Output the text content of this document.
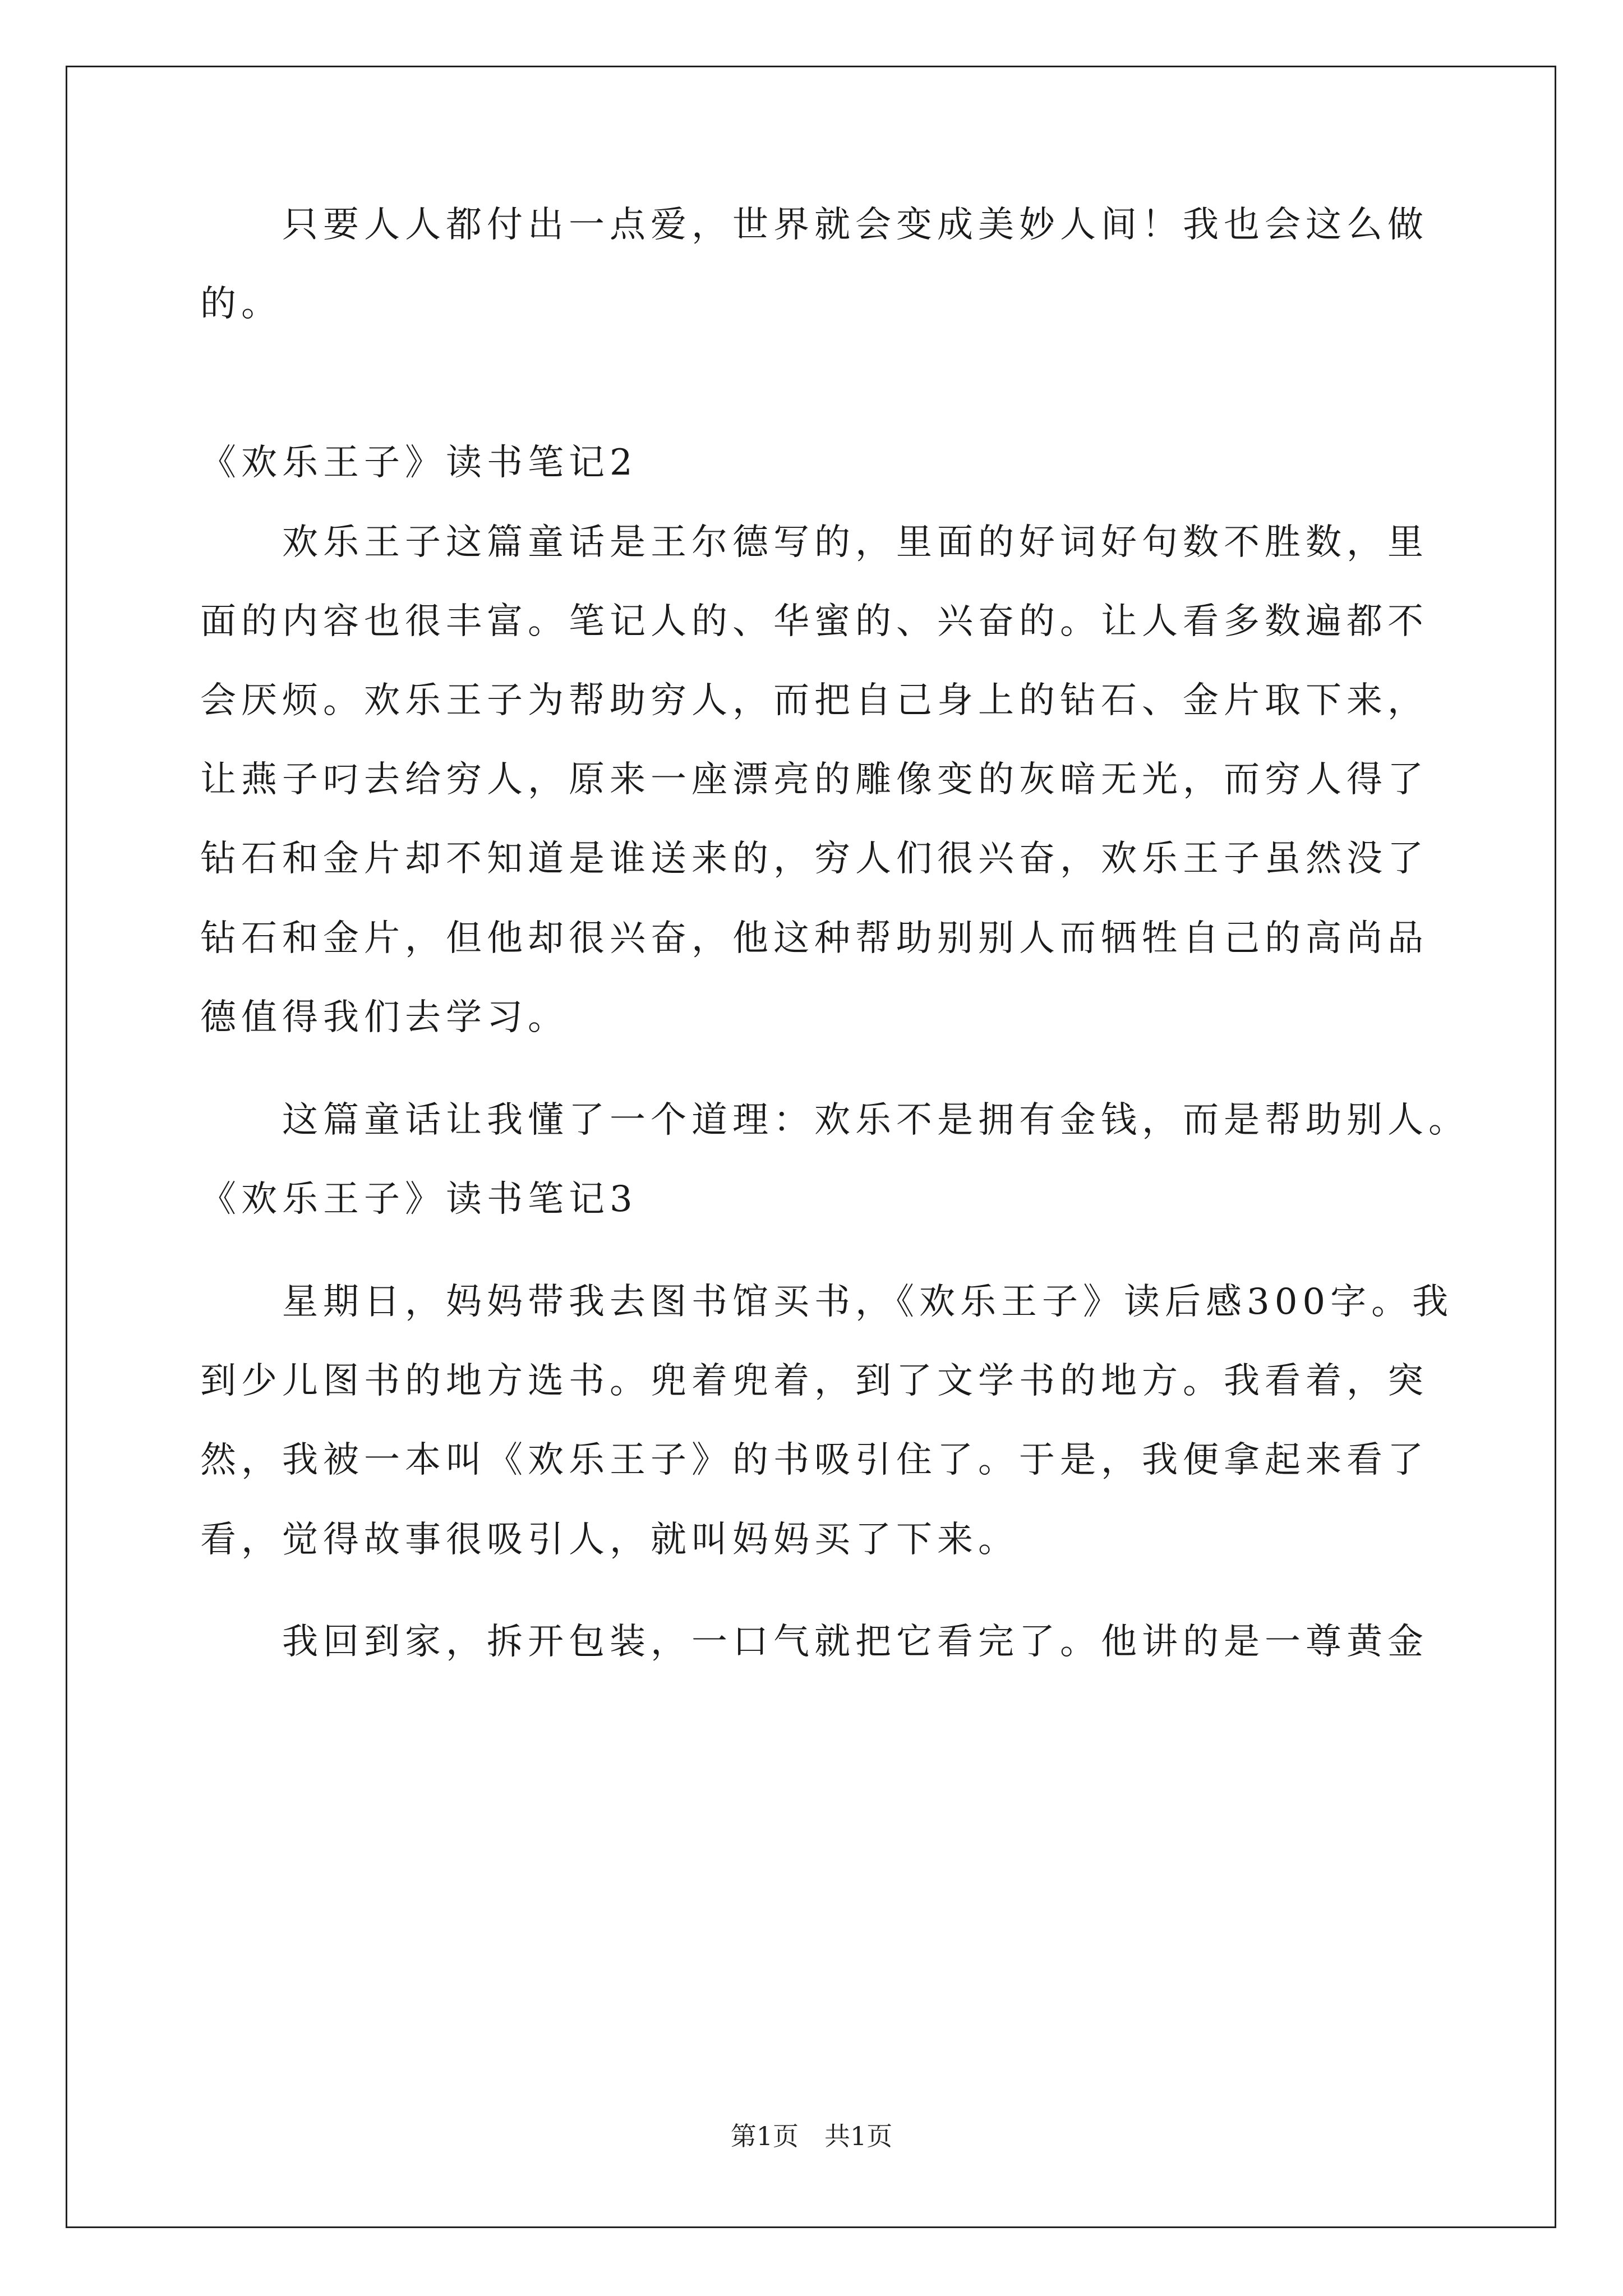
　　只要人人都付出一点爱，世界就会变成美妙人间！我也会这么做
的。
《欢乐王子》读书笔记2
　　欢乐王子这篇童话是王尔德写的，里面的好词好句数不胜数，里
面的内容也很丰富。笔记人的、华蜜的、兴奋的。让人看多数遍都不
会厌烦。欢乐王子为帮助穷人，而把自己身上的钻石、金片取下来，
让燕子叼去给穷人，原来一座漂亮的雕像变的灰暗无光，而穷人得了
钻石和金片却不知道是谁送来的，穷人们很兴奋，欢乐王子虽然没了
钻石和金片，但他却很兴奋，他这种帮助别别人而牺牲自己的高尚品
德值得我们去学习。
　　这篇童话让我懂了一个道理：欢乐不是拥有金钱，而是帮助别人。
《欢乐王子》读书笔记3
　　星期日，妈妈带我去图书馆买书，《欢乐王子》读后感300字。我
到少儿图书的地方选书。兜着兜着，到了文学书的地方。我看着，突
然，我被一本叫《欢乐王子》的书吸引住了。于是，我便拿起来看了
看，觉得故事很吸引人，就叫妈妈买了下来。
　　我回到家，拆开包装，一口气就把它看完了。他讲的是一尊黄金
第1页　共1页
